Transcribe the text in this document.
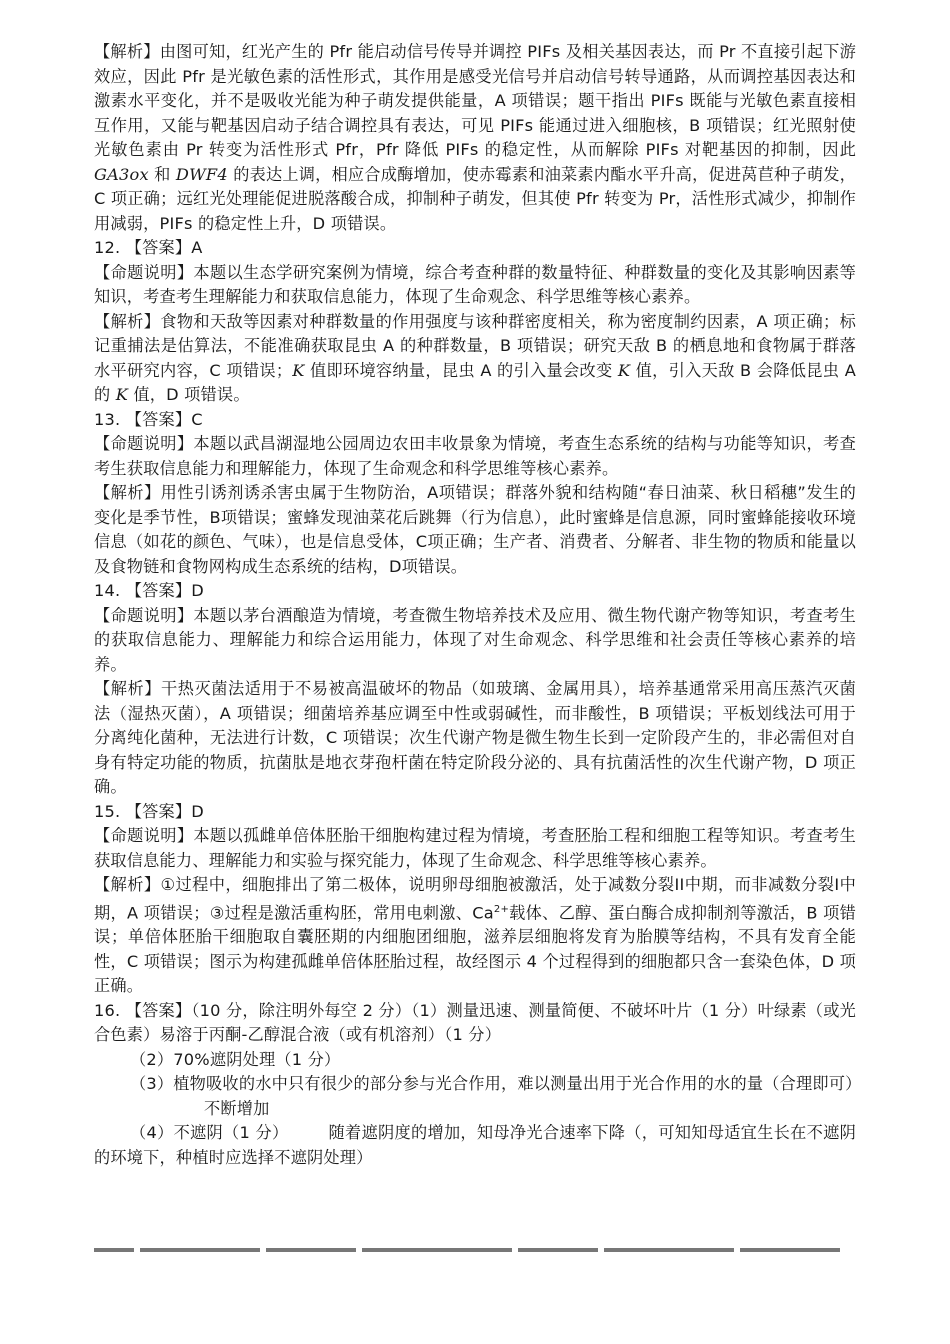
【解析】由图可知，红光产生的 Pfr 能启动信号传导并调控 PIFs 及相关基因表达，而 Pr 不直接引起下游效应，因此 Pfr 是光敏色素的活性形式，其作用是感受光信号并启动信号转导通路，从而调控基因表达和激素水平变化，并不是吸收光能为种子萌发提供能量，A 项错误；题干指出 PIFs 既能与光敏色素直接相互作用，又能与靶基因启动子结合调控具有表达，可见 PIFs 能通过进入细胞核，B 项错误；红光照射使光敏色素由 Pr 转变为活性形式 Pfr，Pfr 降低 PIFs 的稳定性，从而解除 PIFs 对靶基因的抑制，因此 GA3ox 和 DWF4 的表达上调，相应合成酶增加，使赤霉素和油菜素内酯水平升高，促进莴苣种子萌发，C 项正确；远红光处理能促进脱落酸合成，抑制种子萌发，但其使 Pfr 转变为 Pr，活性形式减少，抑制作用减弱，PIFs 的稳定性上升，D 项错误。

12. 【答案】A

【命题说明】本题以生态学研究案例为情境，综合考查种群的数量特征、种群数量的变化及其影响因素等知识，考查考生理解能力和获取信息能力，体现了生命观念、科学思维等核心素养。

【解析】食物和天敌等因素对种群数量的作用强度与该种群密度相关，称为密度制约因素，A 项正确；标记重捕法是估算法，不能准确获取昆虫 A 的种群数量，B 项错误；研究天敌 B 的栖息地和食物属于群落水平研究内容，C 项错误；K 值即环境容纳量，昆虫 A 的引入量会改变 K 值，引入天敌 B 会降低昆虫 A 的 K 值，D 项错误。

13. 【答案】C

【命题说明】本题以武昌湖湿地公园周边农田丰收景象为情境，考查生态系统的结构与功能等知识，考查考生获取信息能力和理解能力，体现了生命观念和科学思维等核心素养。

【解析】用性引诱剂诱杀害虫属于生物防治，A项错误；群落外貌和结构随“春日油菜、秋日稻穗”发生的变化是季节性，B项错误；蜜蜂发现油菜花后跳舞（行为信息），此时蜜蜂是信息源，同时蜜蜂能接收环境信息（如花的颜色、气味），也是信息受体，C项正确；生产者、消费者、分解者、非生物的物质和能量以及食物链和食物网构成生态系统的结构，D项错误。

14. 【答案】D

【命题说明】本题以茅台酒酿造为情境，考查微生物培养技术及应用、微生物代谢产物等知识，考查考生的获取信息能力、理解能力和综合运用能力，体现了对生命观念、科学思维和社会责任等核心素养的培养。

【解析】干热灭菌法适用于不易被高温破坏的物品（如玻璃、金属用具），培养基通常采用高压蒸汽灭菌法（湿热灭菌），A 项错误；细菌培养基应调至中性或弱碱性，而非酸性，B 项错误；平板划线法可用于分离纯化菌种，无法进行计数，C 项错误；次生代谢产物是微生物生长到一定阶段产生的，非必需但对自身有特定功能的物质，抗菌肽是地衣芽孢杆菌在特定阶段分泌的、具有抗菌活性的次生代谢产物，D 项正确。

15. 【答案】D

【命题说明】本题以孤雌单倍体胚胎干细胞构建过程为情境，考查胚胎工程和细胞工程等知识。考查考生获取信息能力、理解能力和实验与探究能力，体现了生命观念、科学思维等核心素养。

【解析】①过程中，细胞排出了第二极体，说明卵母细胞被激活，处于减数分裂II中期，而非减数分裂I中期，A 项错误；③过程是激活重构胚，常用电刺激、$Ca^{2+}$载体、乙醇、蛋白酶合成抑制剂等激活，B 项错误；单倍体胚胎干细胞取自囊胚期的内细胞团细胞，滋养层细胞将发育为胎膜等结构，不具有发育全能性，C 项错误；图示为构建孤雌单倍体胚胎过程，故经图示 4 个过程得到的细胞都只含一套染色体，D 项正确。

16. 【答案】（10 分，除注明外每空 2 分）（1）测量迅速、测量简便、不破坏叶片（1 分）叶绿素（或光合色素）易溶于丙酮-乙醇混合液（或有机溶剂）（1 分）

（2）70%遮阴处理（1 分）

（3）植物吸收的水中只有很少的部分参与光合作用，难以测量出用于光合作用的水的量（合理即可）不断增加

（4）不遮阴（1 分） 随着遮阴度的增加，知母净光合速率下降（，可知知母适宜生长在不遮阴的环境下，种植时应选择不遮阴处理）
